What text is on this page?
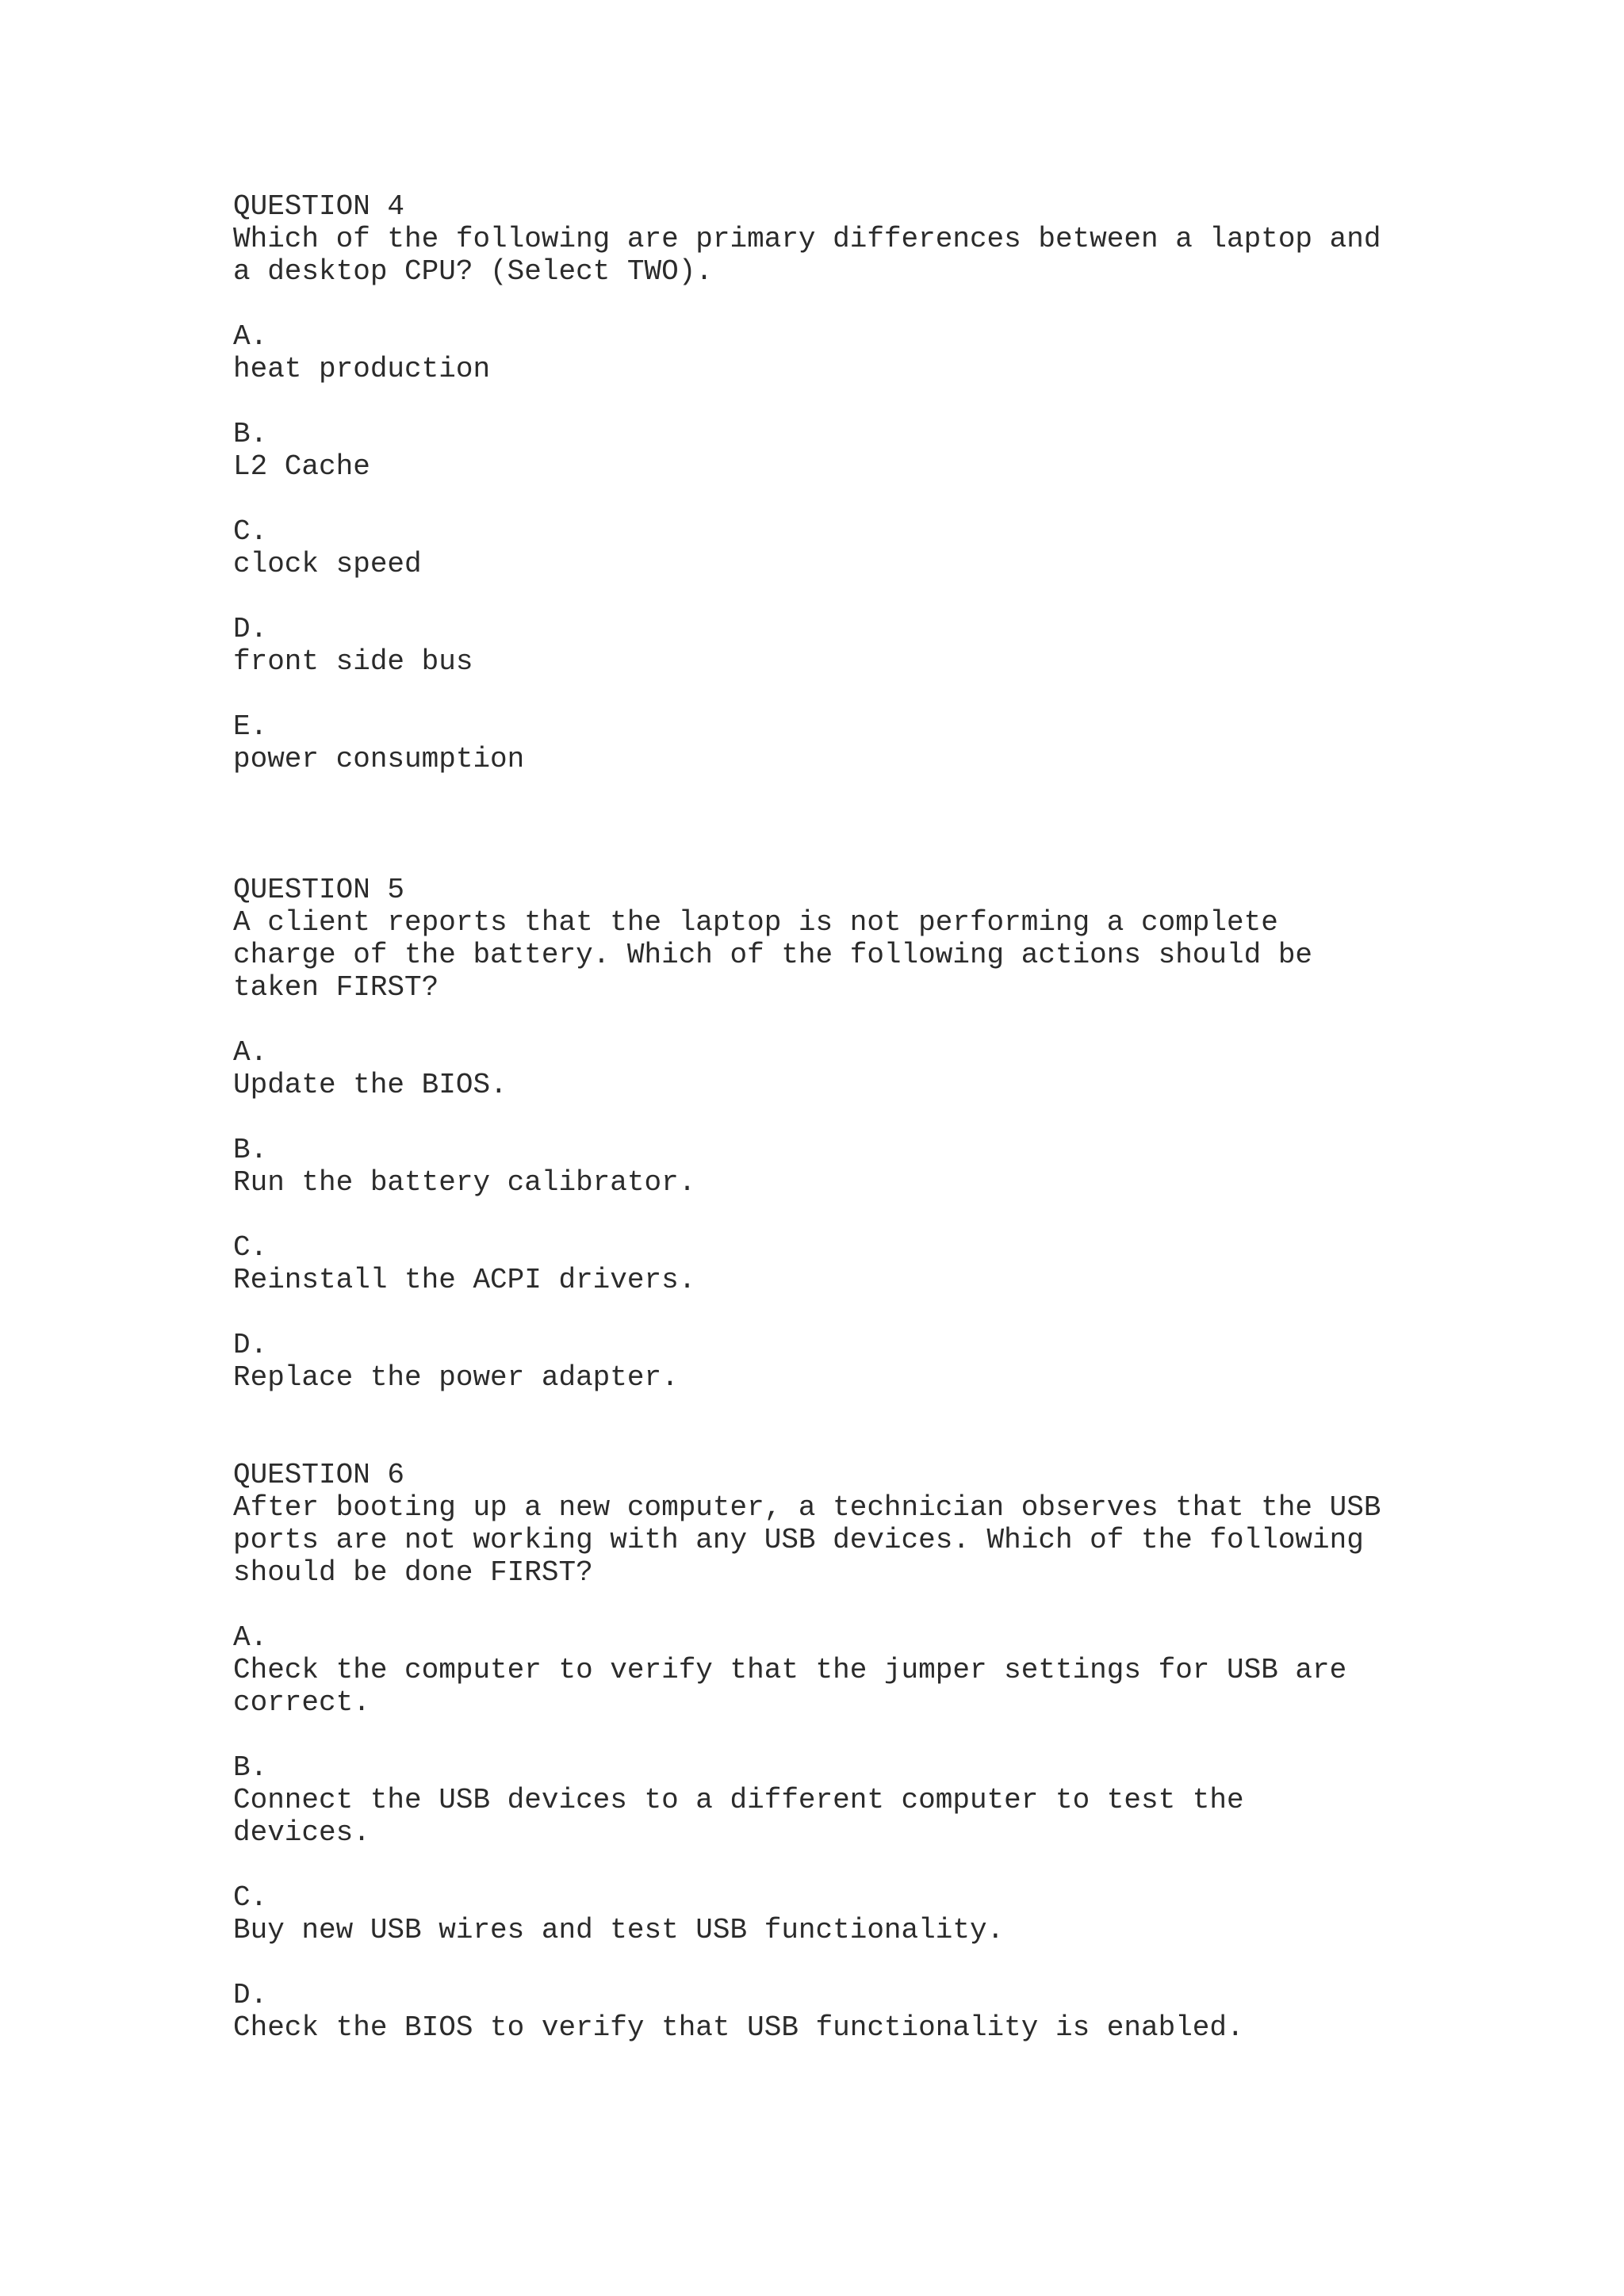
QUESTION 4
Which of the following are primary differences between a laptop and
a desktop CPU? (Select TWO).
A.
heat production
B.
L2 Cache
C.
clock speed
D.
front side bus
E.
power consumption
QUESTION 5
A client reports that the laptop is not performing a complete
charge of the battery. Which of the following actions should be
taken FIRST?
A.
Update the BIOS.
B.
Run the battery calibrator.
C.
Reinstall the ACPI drivers.
D.
Replace the power adapter.
QUESTION 6
After booting up a new computer, a technician observes that the USB
ports are not working with any USB devices. Which of the following
should be done FIRST?
A.
Check the computer to verify that the jumper settings for USB are
correct.
B.
Connect the USB devices to a different computer to test the
devices.
C.
Buy new USB wires and test USB functionality.
D.
Check the BIOS to verify that USB functionality is enabled.
